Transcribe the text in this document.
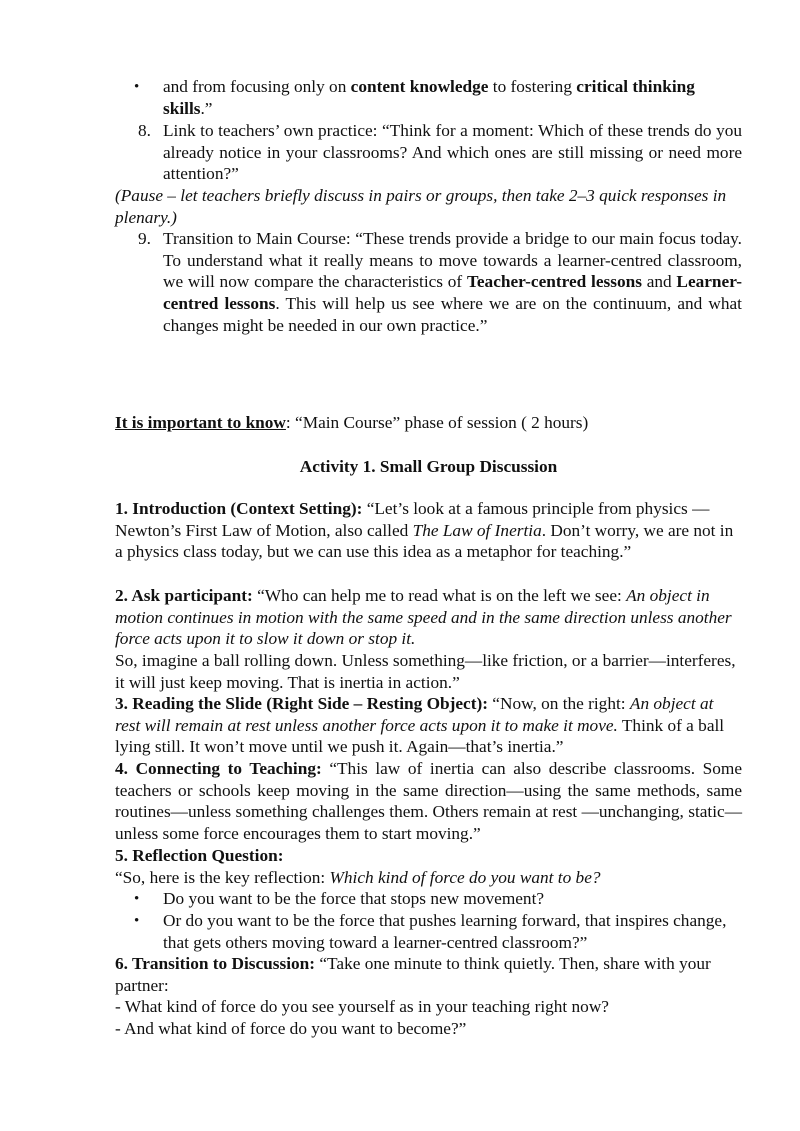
•	and from focusing only on content knowledge to fostering critical thinking skills.”
8. Link to teachers’ own practice: “Think for a moment: Which of these trends do you already notice in your classrooms? And which ones are still missing or need more attention?”
(Pause – let teachers briefly discuss in pairs or groups, then take 2–3 quick responses in plenary.)
9. Transition to Main Course: “These trends provide a bridge to our main focus today. To understand what it really means to move towards a learner-centred classroom, we will now compare the characteristics of Teacher-centred lessons and Learner-centred lessons. This will help us see where we are on the continuum, and what changes might be needed in our own practice.”
It is important to know: “Main Course” phase of session ( 2 hours)
Activity 1. Small Group Discussion
1. Introduction (Context Setting): “Let’s look at a famous principle from physics —Newton’s First Law of Motion, also called The Law of Inertia. Don’t worry, we are not in a physics class today, but we can use this idea as a metaphor for teaching.”
2. Ask participant: “Who can help me to read what is on the left we see: An object in motion continues in motion with the same speed and in the same direction unless another force acts upon it to slow it down or stop it.
So, imagine a ball rolling down. Unless something—like friction, or a barrier—interferes, it will just keep moving. That is inertia in action.”
3. Reading the Slide (Right Side – Resting Object): “Now, on the right: An object at rest will remain at rest unless another force acts upon it to make it move. Think of a ball lying still. It won’t move until we push it. Again—that’s inertia.”
4. Connecting to Teaching: “This law of inertia can also describe classrooms. Some teachers or schools keep moving in the same direction—using the same methods, same routines—unless something challenges them. Others remain at rest —unchanging, static—unless some force encourages them to start moving.”
5. Reflection Question:
“So, here is the key reflection: Which kind of force do you want to be?
•	Do you want to be the force that stops new movement?
•	Or do you want to be the force that pushes learning forward, that inspires change, that gets others moving toward a learner-centred classroom?”
6. Transition to Discussion: “Take one minute to think quietly. Then, share with your partner:
- What kind of force do you see yourself as in your teaching right now?
- And what kind of force do you want to become?”
